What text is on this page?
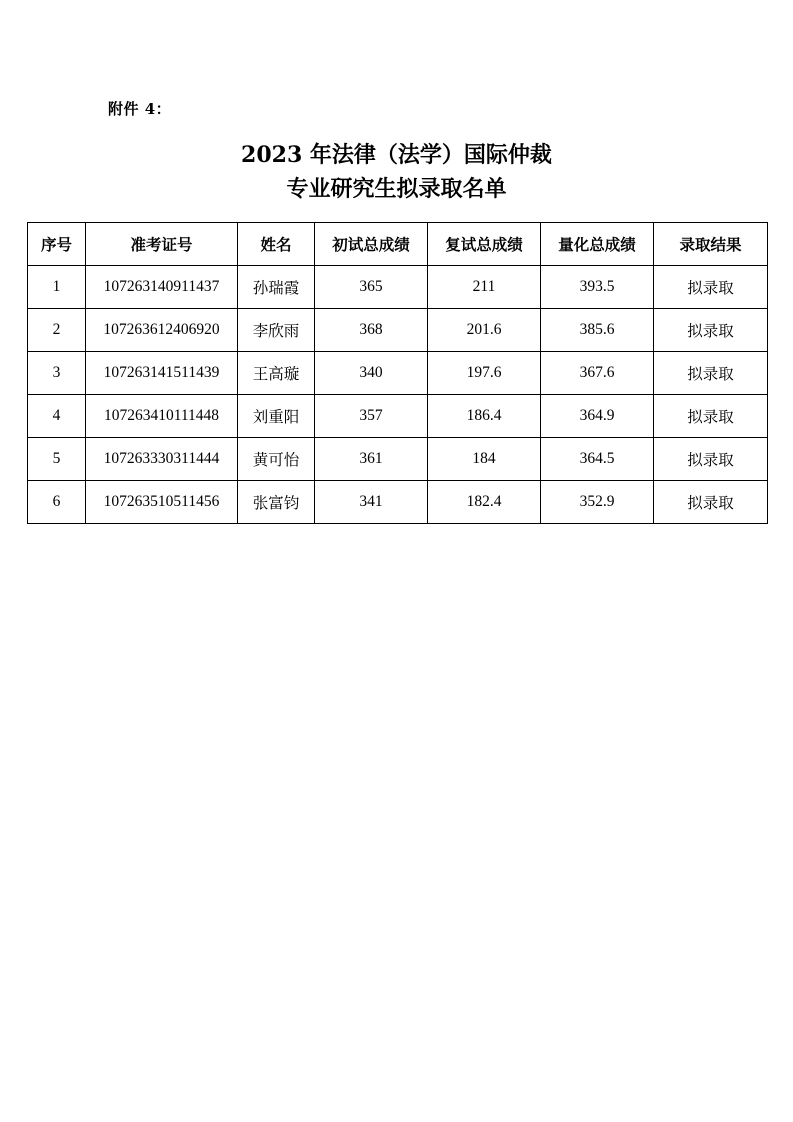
附件 4：
2023 年法律（法学）国际仲裁
专业研究生拟录取名单
序号	准考证号	姓名	初试总成绩	复试总成绩	量化总成绩	录取结果
1	107263140911437	孙瑞霞	365	211	393.5	拟录取
2	107263612406920	李欣雨	368	201.6	385.6	拟录取
3	107263141511439	王高璇	340	197.6	367.6	拟录取
4	107263410111448	刘重阳	357	186.4	364.9	拟录取
5	107263330311444	黄可怡	361	184	364.5	拟录取
6	107263510511456	张富钧	341	182.4	352.9	拟录取
